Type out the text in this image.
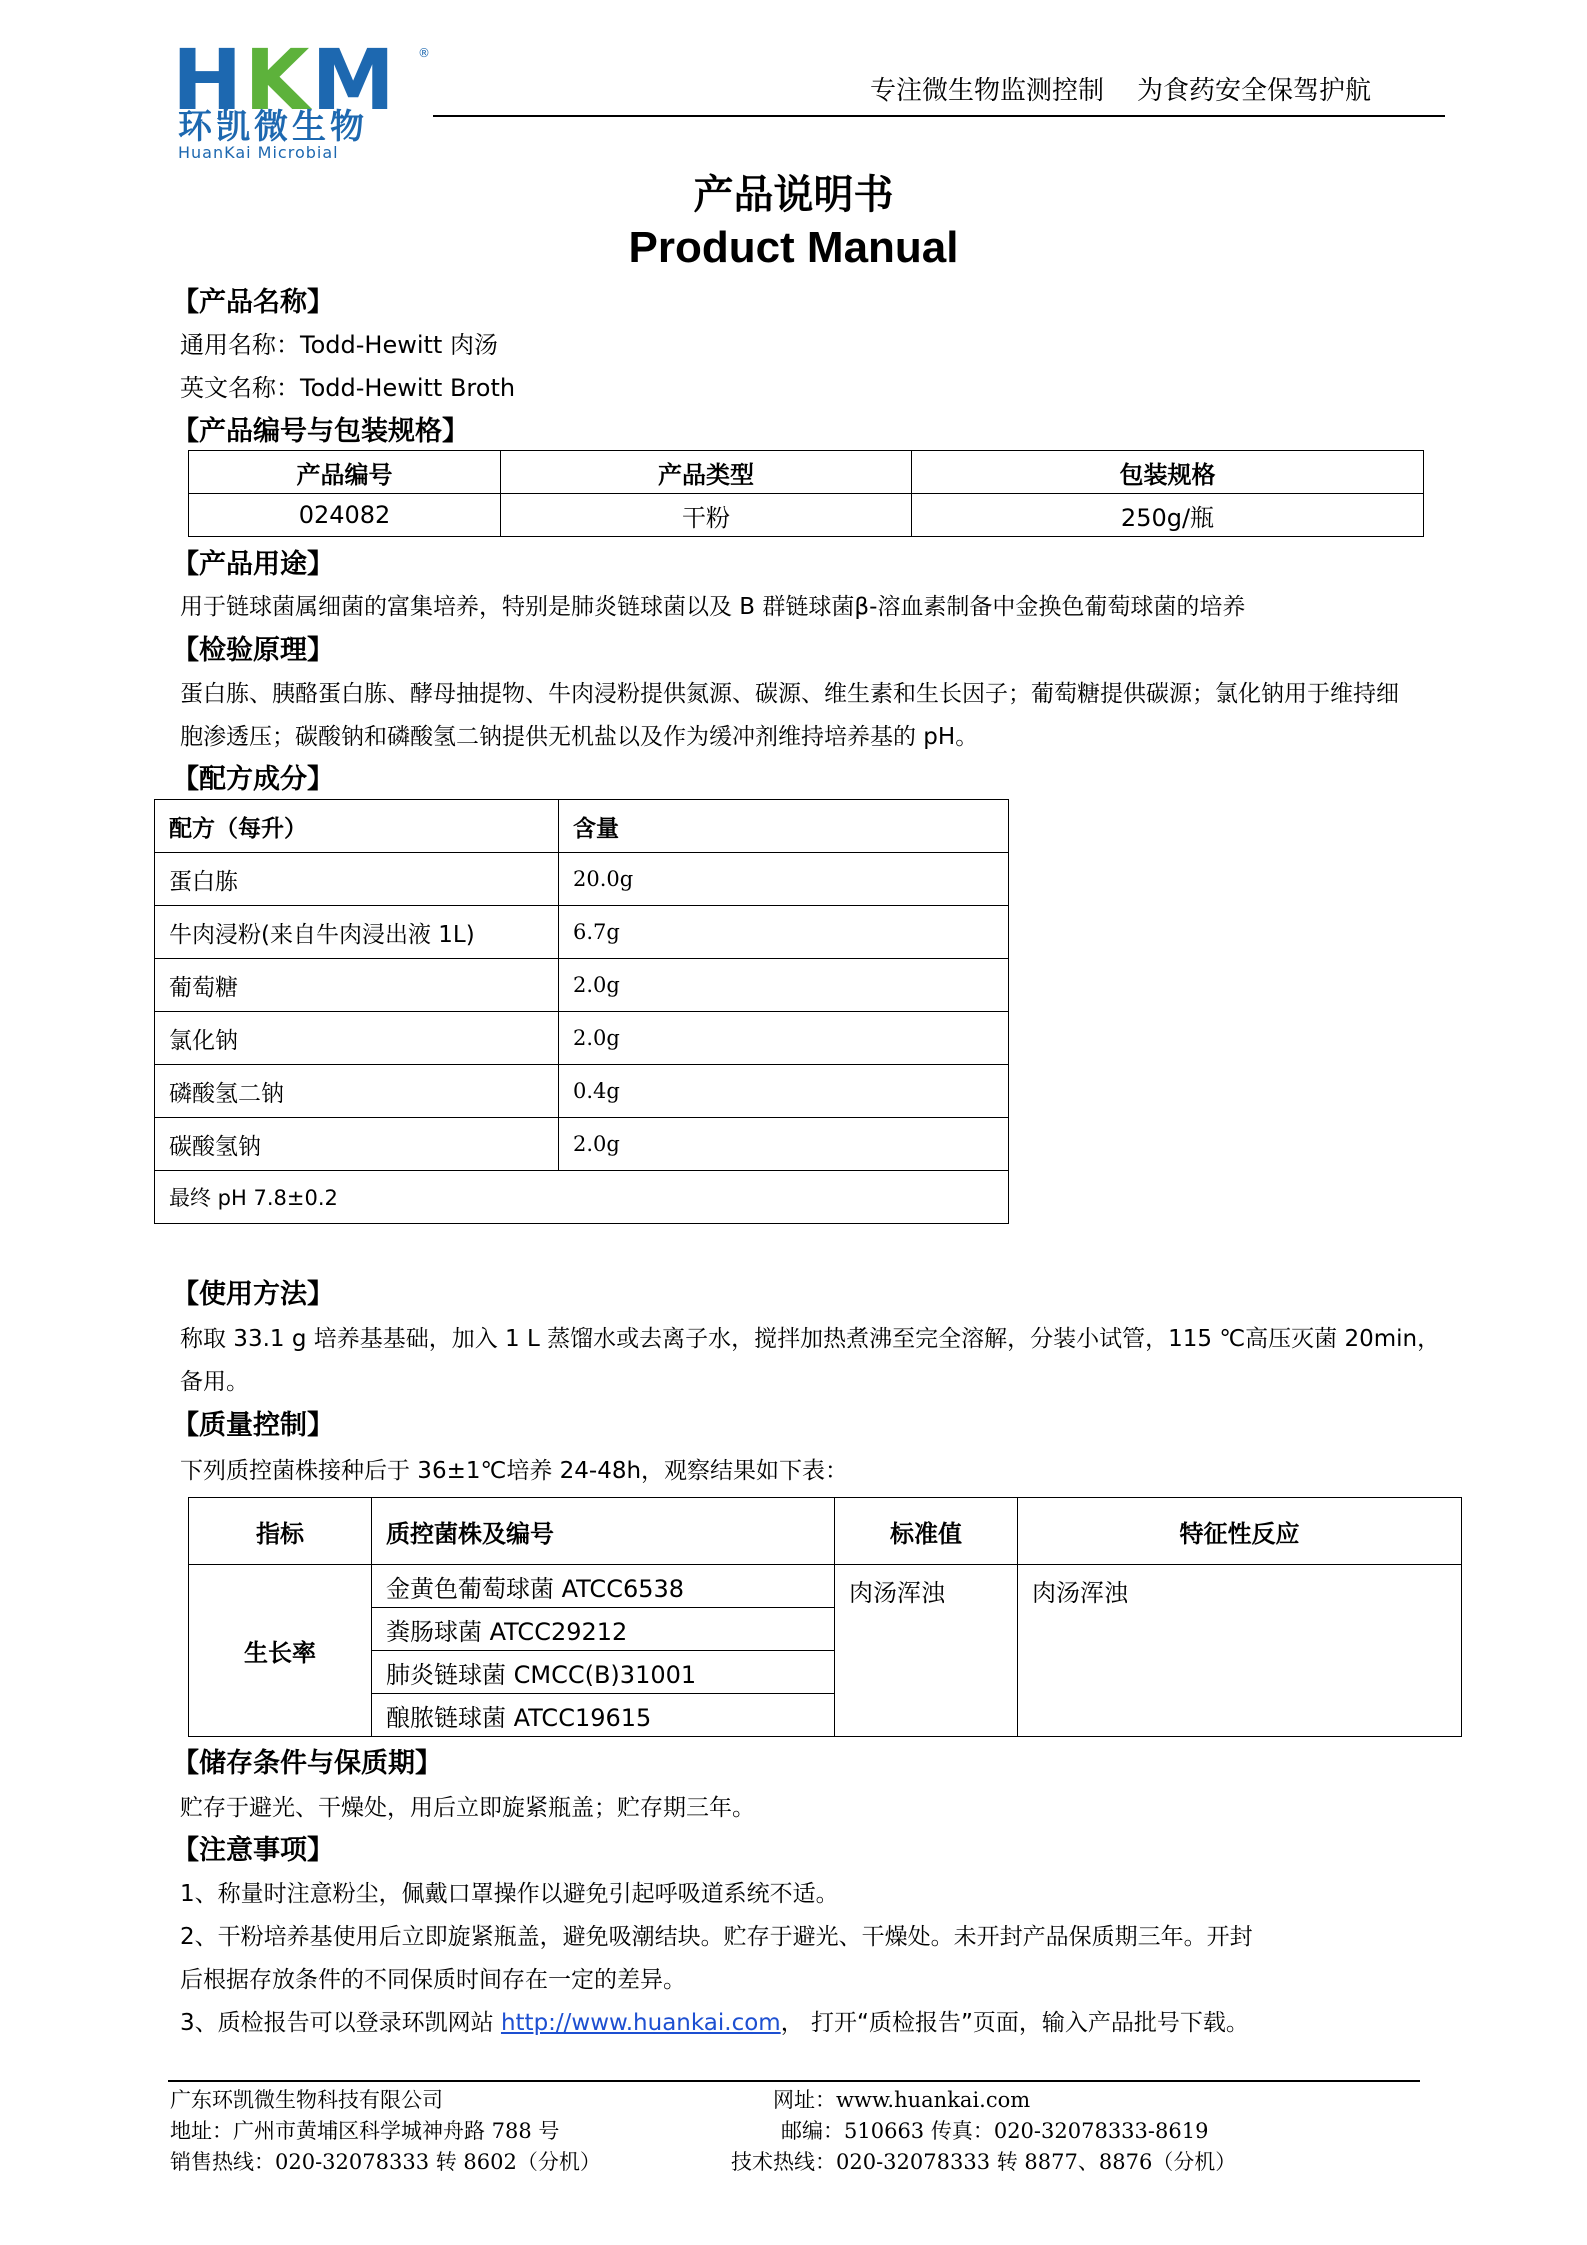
HKM ®
环凯微生物
HuanKai Microbial
专注微生物监测控制    为食药安全保驾护航
产品说明书
Product Manual
【产品名称】
通用名称：Todd-Hewitt 肉汤
英文名称：Todd-Hewitt Broth
【产品编号与包装规格】
产品编号	产品类型	包装规格
024082	干粉	250g/瓶
【产品用途】
用于链球菌属细菌的富集培养，特别是肺炎链球菌以及 B 群链球菌β-溶血素制备中金换色葡萄球菌的培养
【检验原理】
蛋白胨、胰酪蛋白胨、酵母抽提物、牛肉浸粉提供氮源、碳源、维生素和生长因子；葡萄糖提供碳源；氯化钠用于维持细
胞渗透压；碳酸钠和磷酸氢二钠提供无机盐以及作为缓冲剂维持培养基的 pH。
【配方成分】
配方（每升）	含量
蛋白胨	20.0g
牛肉浸粉(来自牛肉浸出液 1L)	6.7g
葡萄糖	2.0g
氯化钠	2.0g
磷酸氢二钠	0.4g
碳酸氢钠	2.0g
最终 pH 7.8±0.2	
【使用方法】
称取 33.1 g 培养基基础，加入 1 L 蒸馏水或去离子水，搅拌加热煮沸至完全溶解，分装小试管，115 ℃高压灭菌 20min，
备用。
【质量控制】
下列质控菌株接种后于 36±1℃培养 24-48h，观察结果如下表：
指标	质控菌株及编号	标准值	特征性反应
生长率	金黄色葡萄球菌 ATCC6538	肉汤浑浊	肉汤浑浊
	粪肠球菌 ATCC29212		
	肺炎链球菌 CMCC(B)31001		
	酿脓链球菌 ATCC19615		
【储存条件与保质期】
贮存于避光、干燥处，用后立即旋紧瓶盖；贮存期三年。
【注意事项】
1、称量时注意粉尘，佩戴口罩操作以避免引起呼吸道系统不适。
2、干粉培养基使用后立即旋紧瓶盖，避免吸潮结块。贮存于避光、干燥处。未开封产品保质期三年。开封
后根据存放条件的不同保质时间存在一定的差异。
3、质检报告可以登录环凯网站 http://www.huankai.com， 打开“质检报告”页面，输入产品批号下载。
广东环凯微生物科技有限公司
地址：广州市黄埔区科学城神舟路 788 号
销售热线：020-32078333 转 8602（分机）
网址：www.huankai.com
邮编：510663 传真：020-32078333-8619
技术热线：020-32078333 转 8877、8876（分机）
